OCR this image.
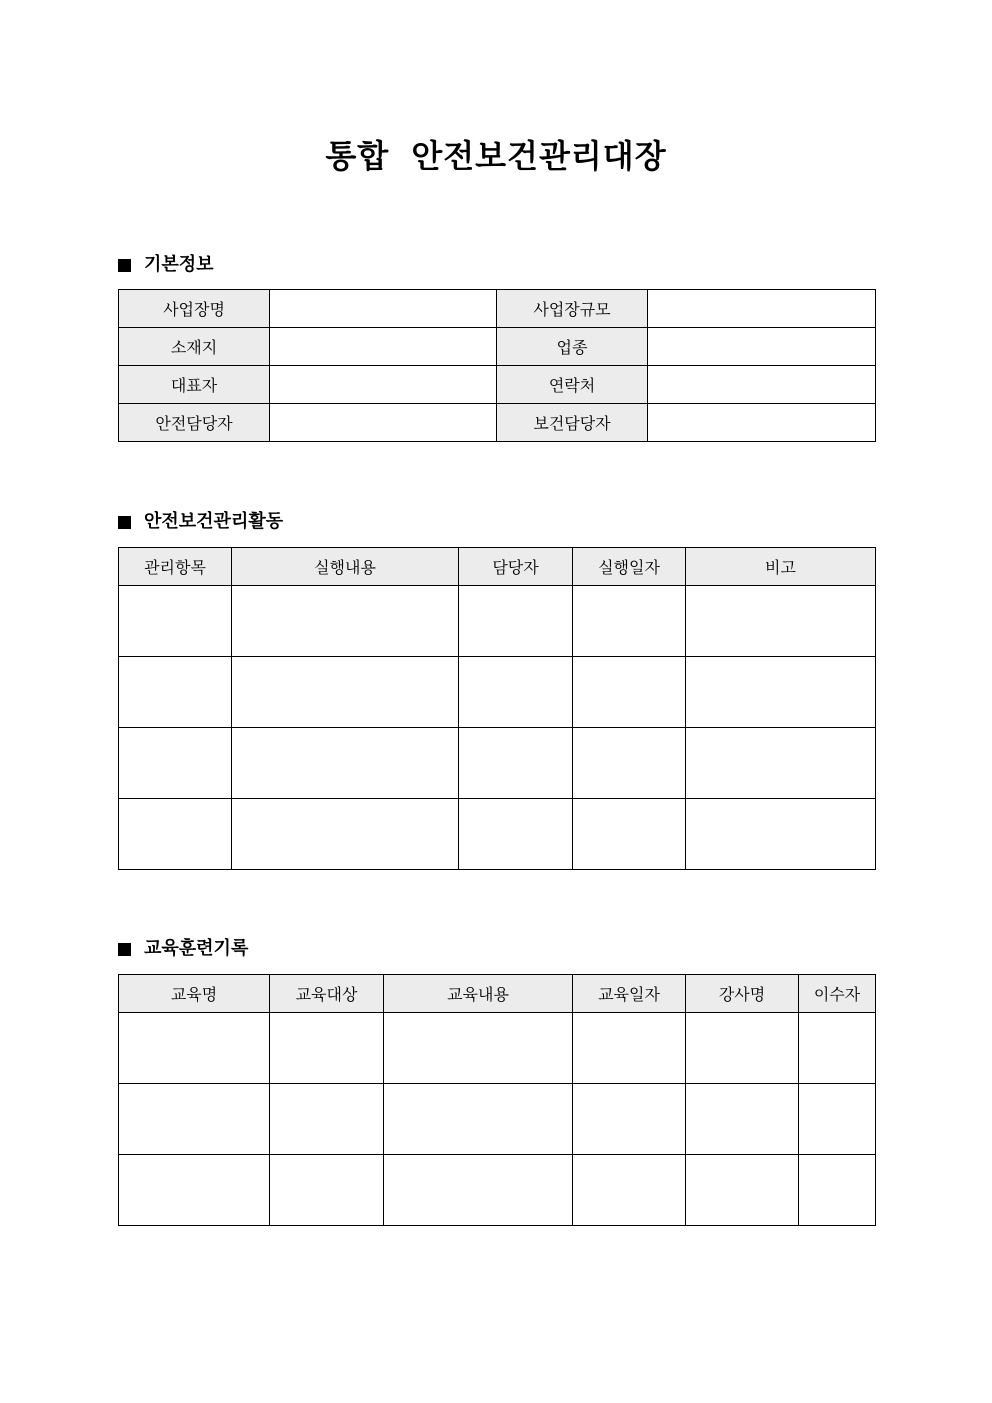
통합 안전보건관리대장
기본정보
사업장명		사업장규모	
소재지		업종	
대표자		연락처	
안전담당자		보건담당자	
안전보건관리활동
관리항목	실행내용	담당자	실행일자	비고

교육훈련기록
교육명	교육대상	교육내용	교육일자	강사명	이수자
